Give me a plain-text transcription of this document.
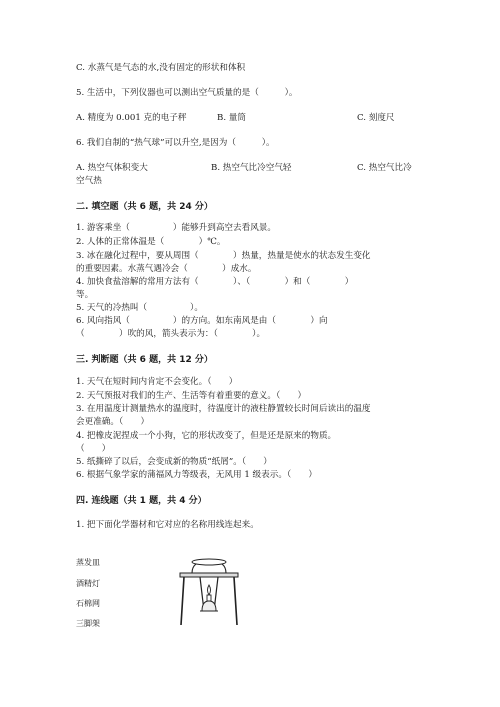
C. 水蒸气是气态的水,没有固定的形状和体积
5. 生活中，下列仪器也可以测出空气质量的是（　　　）。
A. 精度为 0.001 克的电子秤	B. 量筒	C. 刻度尺
6. 我们自制的“热气球”可以升空,是因为（　　　）。
A. 热空气体积变大	B. 热空气比冷空气轻	C. 热空气比冷
空气热
二. 填空题（共 6 题，共 24 分）
1. 游客乘坐（　　　　　）能够升到高空去看风景。
2. 人体的正常体温是（　　　　）℃。
3. 冰在融化过程中，要从周围（　　　　）热量，热量是使水的状态发生变化
的重要因素。水蒸气遇冷会（　　　　）成水。
4. 加快食盐溶解的常用方法有（　　　　）、（　　　　）和（　　　　）
等。
5. 天气的冷热叫（　　　　　）。
6. 风向指风（　　　　　）的方向。如东南风是由（　　　　）向
（　　　　）吹的风，箭头表示为：（　　　　）。
三. 判断题（共 6 题，共 12 分）
1. 天气在短时间内肯定不会变化。（　　）
2. 天气预报对我们的生产、生活等有着重要的意义。（　　）
3. 在用温度计测量热水的温度时，待温度计的液柱静置较长时间后读出的温度
会更准确。（　　）
4. 把橡皮泥捏成一个小狗，它的形状改变了，但是还是原来的物质。
（　　）
5. 纸撕碎了以后，会变成新的物质“纸屑”。（　　）
6. 根据气象学家的蒲福风力等级表，无风用 1 级表示。（　　）
四. 连线题（共 1 题，共 4 分）
1. 把下面化学器材和它对应的名称用线连起来。
蒸发皿
酒精灯
石棉网
三脚架
